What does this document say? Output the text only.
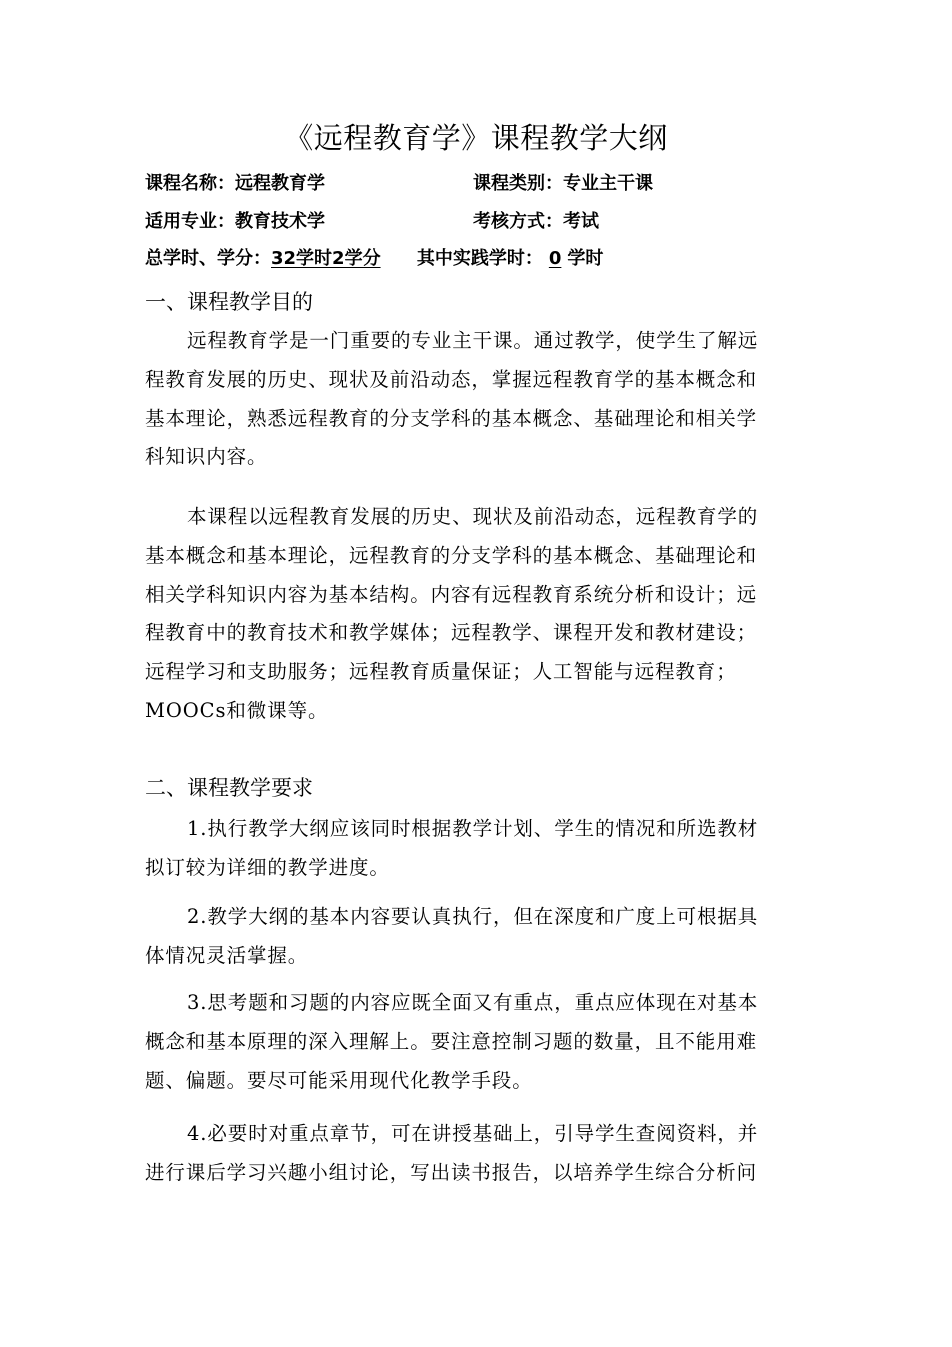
《远程教育学》课程教学大纲
课程名称：远程教育学	课程类别：专业主干课
适用专业：教育技术学	考核方式：考试
总学时、学分：32学时2学分 其中实践学时： 0 学时
一、课程教学目的
远程教育学是一门重要的专业主干课。通过教学，使学生了解远
程教育发展的历史、现状及前沿动态，掌握远程教育学的基本概念和
基本理论，熟悉远程教育的分支学科的基本概念、基础理论和相关学
科知识内容。
本课程以远程教育发展的历史、现状及前沿动态，远程教育学的
基本概念和基本理论，远程教育的分支学科的基本概念、基础理论和
相关学科知识内容为基本结构。内容有远程教育系统分析和设计；远
程教育中的教育技术和教学媒体；远程教学、课程开发和教材建设；
远程学习和支助服务；远程教育质量保证；人工智能与远程教育；
MOOCs和微课等。
二、课程教学要求
1.执行教学大纲应该同时根据教学计划、学生的情况和所选教材
拟订较为详细的教学进度。
2.教学大纲的基本内容要认真执行，但在深度和广度上可根据具
体情况灵活掌握。
3.思考题和习题的内容应既全面又有重点，重点应体现在对基本
概念和基本原理的深入理解上。要注意控制习题的数量，且不能用难
题、偏题。要尽可能采用现代化教学手段。
4.必要时对重点章节，可在讲授基础上，引导学生查阅资料，并
进行课后学习兴趣小组讨论，写出读书报告，以培养学生综合分析问
